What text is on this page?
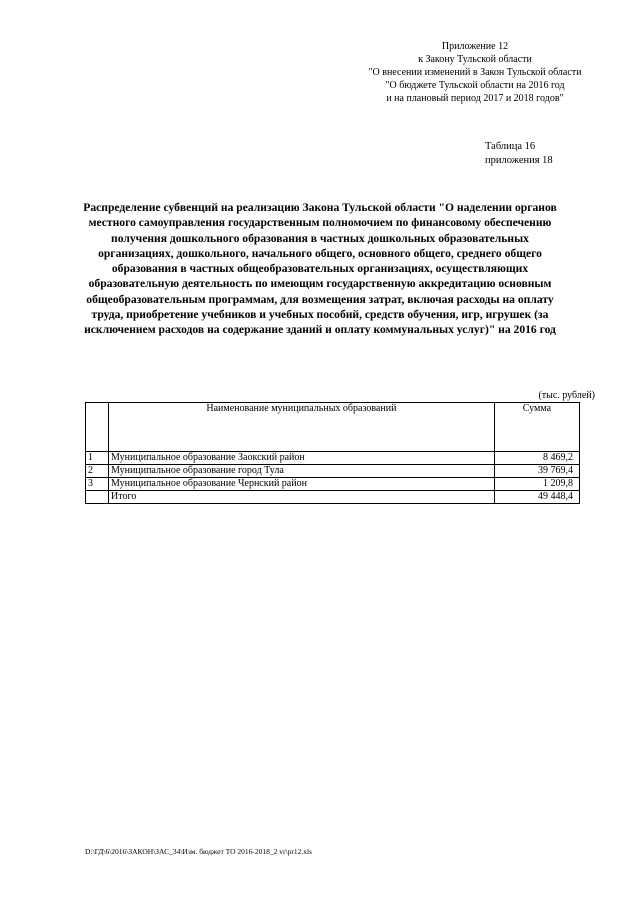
Приложение 12
к Закону Тульской области
"О внесении изменений в Закон Тульской области
"О бюджете Тульской области на 2016 год
и на плановый период 2017 и 2018 годов"
Таблица 16
приложения 18
Распределение субвенций на реализацию Закона Тульской области "О наделении органов местного самоуправления государственным полномочием по финансовому обеспечению получения дошкольного образования в частных дошкольных образовательных организациях, дошкольного, начального общего, основного общего, среднего общего образования в частных общеобразовательных организациях, осуществляющих образовательную деятельность по имеющим государственную аккредитацию основным общеобразовательным программам, для возмещения затрат, включая расходы на оплату труда, приобретение учебников и учебных пособий, средств обучения, игр, игрушек (за исключением расходов на содержание зданий и оплату коммунальных услуг)" на 2016 год
(тыс. рублей)
	Наименование муниципальных образований	Сумма
1	Муниципальное образование Заокский район	8 469,2
2	Муниципальное образование город Тула	39 769,4
3	Муниципальное образование Чернский район	1 209,8
	Итого	49 448,4
D:\ГД\6\2016\ЗАКОН\ЗАС_34\Изм. бюджет ТО 2016-2018_2 vr\pr12.xls
